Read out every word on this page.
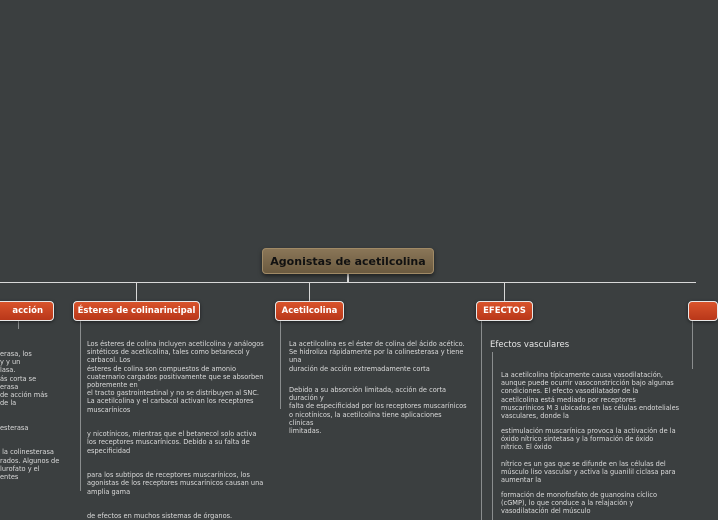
Agonistas de acetilcolina
acción	Ésteres de colinarincipal	Acetilcolina	EFECTOS
erasa, los
y y un
lasa.
ás corta se
erasa
de acción más
de la

esterasa

la colinesterasa
rados. Algunos de
lurofato y el
entes
Los ésteres de colina incluyen acetilcolina y análogos
sintéticos de acetilcolina, tales como betanecol y
carbacol. Los
ésteres de colina son compuestos de amonio
cuaternario cargados positivamente que se absorben
pobremente en
el tracto gastrointestinal y no se distribuyen al SNC.
La acetilcolina y el carbacol activan los receptores
muscarínicos

y nicotínicos, mientras que el betanecol solo activa
los receptores muscarínicos. Debido a su falta de
especificidad

para los subtipos de receptores muscarínicos, los
agonistas de los receptores muscarínicos causan una
amplia gama

de efectos en muchos sistemas de órganos.
La acetilcolina es el éster de colina del ácido acético.
Se hidroliza rápidamente por la colinesterasa y tiene
una
duración de acción extremadamente corta
Debido a su absorción limitada, acción de corta
duración y
falta de especificidad por los receptores muscarínicos
o nicotínicos, la acetilcolina tiene aplicaciones
clínicas
limitadas.
Efectos vasculares
La acetilcolina típicamente causa vasodilatación,
aunque puede ocurrir vasoconstricción bajo algunas
condiciones. El efecto vasodilatador de la
acetilcolina está mediado por receptores
muscarínicos M 3 ubicados en las células endoteliales
vasculares, donde la
estimulación muscarínica provoca la activación de la
óxido nítrico sintetasa y la formación de óxido
nítrico. El óxido
nítrico es un gas que se difunde en las células del
músculo liso vascular y activa la guanilil ciclasa para
aumentar la
formación de monofosfato de guanosina cíclico
(cGMP), lo que conduce a la relajación y
vasodilatación del músculo
